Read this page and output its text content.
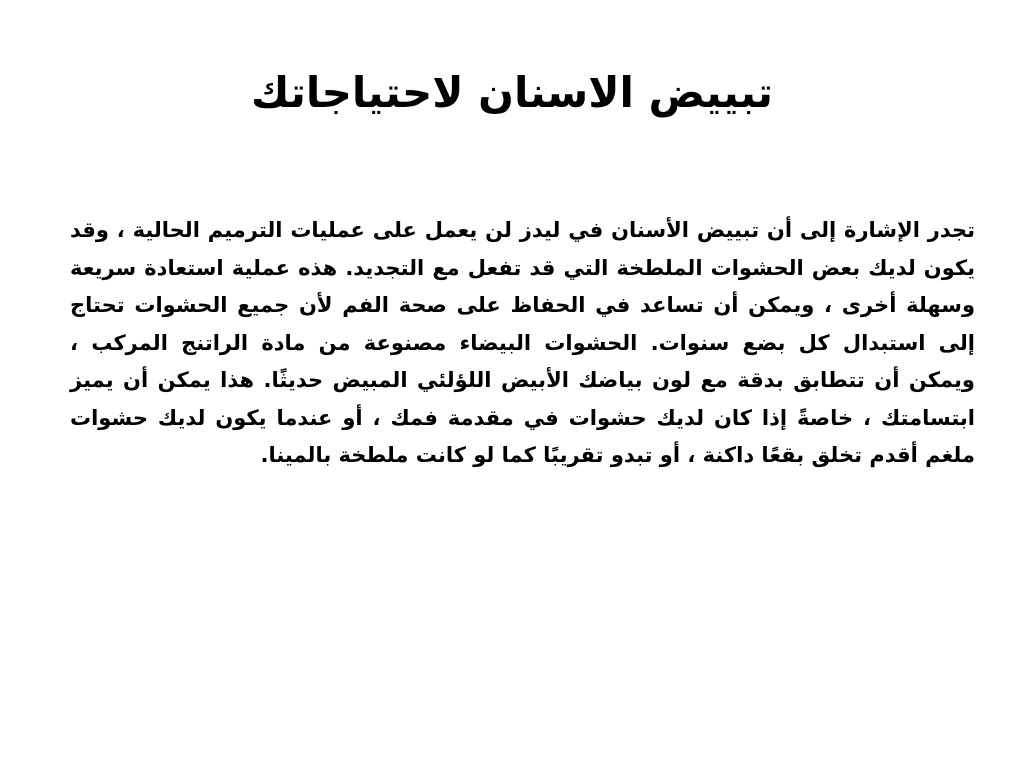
تبييض الاسنان لاحتياجاتك

تجدر الإشارة إلى أن تبييض الأسنان في ليدز لن يعمل على عمليات الترميم الحالية ، وقد يكون لديك بعض الحشوات الملطخة التي قد تفعل مع التجديد. هذه عملية استعادة سريعة وسهلة أخرى ، ويمكن أن تساعد في الحفاظ على صحة الفم لأن جميع الحشوات تحتاج إلى استبدال كل بضع سنوات. الحشوات البيضاء مصنوعة من مادة الراتنج المركب ، ويمكن أن تتطابق بدقة مع لون بياضك الأبيض اللؤلئي المبيض حديثًا. هذا يمكن أن يميز ابتسامتك ، خاصةً إذا كان لديك حشوات في مقدمة فمك ، أو عندما يكون لديك حشوات ملغم أقدم تخلق بقعًا داكنة ، أو تبدو تقريبًا كما لو كانت ملطخة بالمينا.
